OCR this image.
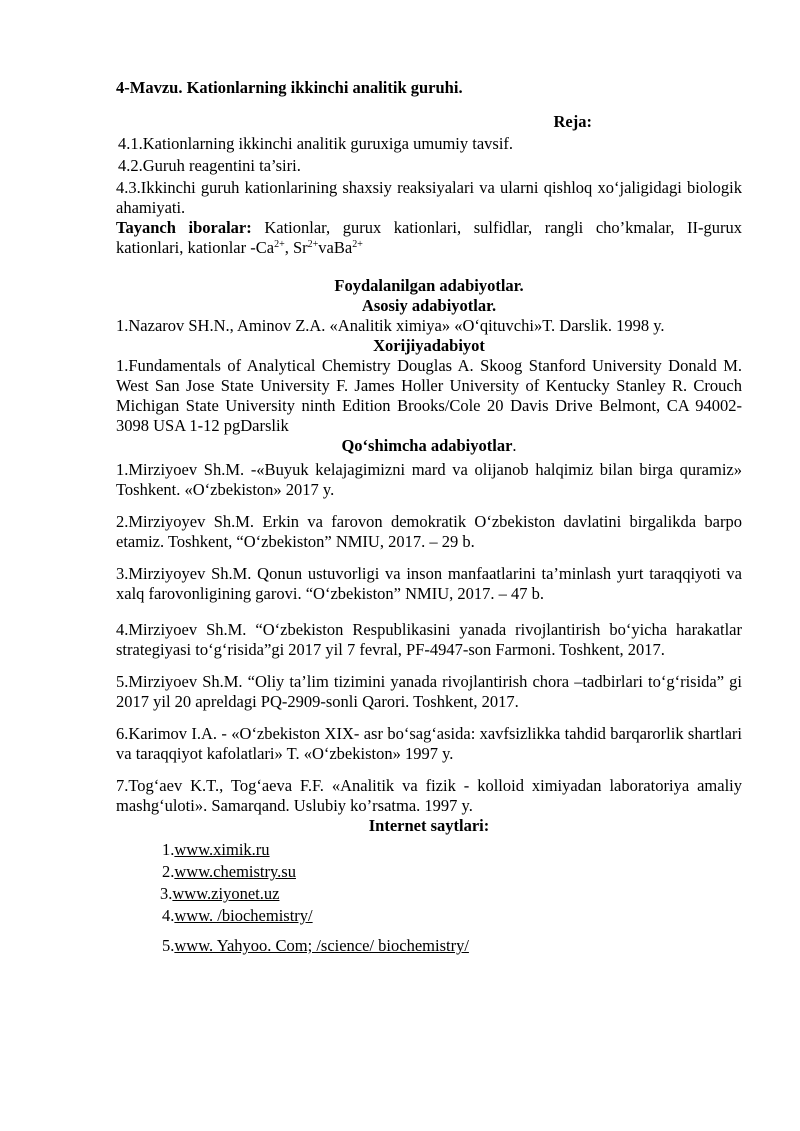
4-Mavzu. Kationlarning ikkinchi analitik guruhi.

Reja:

4.1.Kationlarning ikkinchi analitik guruxiga umumiy tavsif.

4.2.Guruh reagentini ta’siri.

4.3.Ikkinchi guruh kationlarining shaxsiy reaksiyalari va ularni qishloq xo‘jaligidagi biologik ahamiyati.

Tayanch iboralar: Kationlar, gurux kationlari, sulfidlar, rangli cho’kmalar, II-gurux kationlari, kationlar $-Ca^{2+}$, $Sr^{2+}vaBa^{2+}$

Foydalanilgan adabiyotlar.

Asosiy adabiyotlar.

1.Nazarov SH.N., Aminov Z.A. «Analitik ximiya» «O‘qituvchi»T. Darslik. 1998 y.

Xorijiyadabiyot

1.Fundamentals of Analytical Chemistry Douglas A. Skoog Stanford University Donald M. West San Jose State University F. James Holler University of Kentucky Stanley R. Crouch Michigan State University ninth Edition Brooks/Cole 20 Davis Drive Belmont, CA 94002-3098 USA 1-12 pgDarslik

Qo‘shimcha adabiyotlar.

1.Mirziyoev Sh.M. -«Buyuk kelajagimizni mard va olijanob halqimiz bilan birga quramiz» Toshkent. «O‘zbekiston» 2017 y.

2.Mirziyoyev Sh.M. Erkin va farovon demokratik O‘zbekiston davlatini birgalikda barpo etamiz. Toshkent, “O‘zbekiston” NMIU, 2017. – 29 b.

3.Mirziyoyev Sh.M. Qonun ustuvorligi va inson manfaatlarini ta’minlash yurt taraqqiyoti va xalq farovonligining garovi. “O‘zbekiston” NMIU, 2017. – 47 b.

4.Mirziyoev Sh.M. “O‘zbekiston Respublikasini yanada rivojlantirish bo‘yicha harakatlar strategiyasi to‘g‘risida”gi 2017 yil 7 fevral, PF-4947-son Farmoni. Toshkent, 2017.

5.Mirziyoev Sh.M. “Oliy ta’lim tizimini yanada rivojlantirish chora –tadbirlari to‘g‘risida” gi 2017 yil 20 apreldagi PQ-2909-sonli Qarori. Toshkent, 2017.

6.Karimov I.A. - «O‘zbekiston XIX- asr bo‘sag‘asida: xavfsizlikka tahdid barqarorlik shartlari va taraqqiyot kafolatlari» T. «O‘zbekiston» 1997 y.

7.Tog‘aev K.T., Tog‘aeva F.F. «Analitik va fizik - kolloid ximiyadan laboratoriya amaliy mashg‘uloti». Samarqand. Uslubiy ko’rsatma. 1997 y.

Internet saytlari:

1.www.ximik.ru
2.www.chemistry.su
3.www.ziyonet.uz
4.www. /biochemistry/
5.www. Yahyoo. Com; /science/ biochemistry/
